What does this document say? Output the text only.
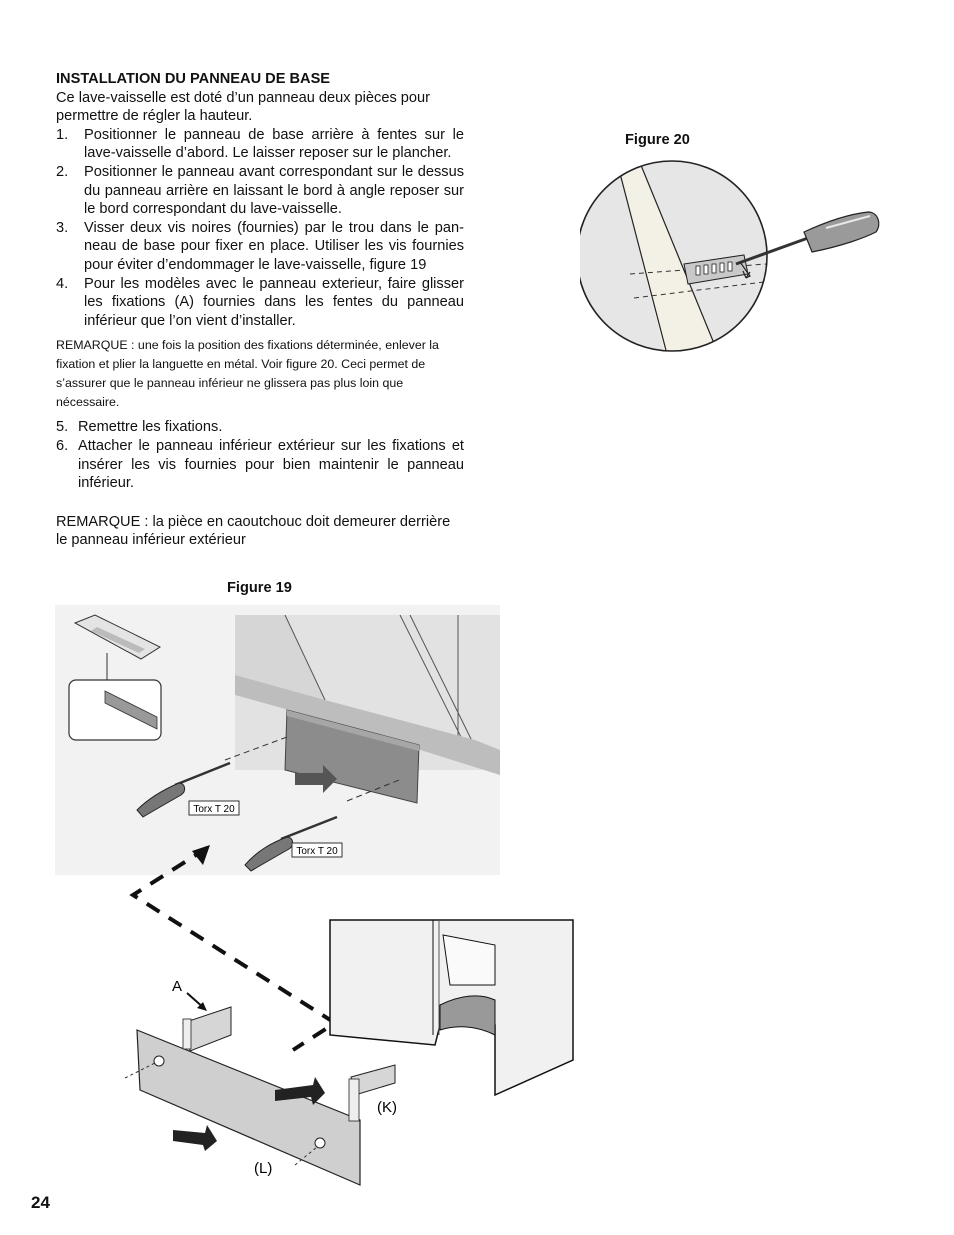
INSTALLATION DU PANNEAU DE BASE

Ce lave-vaisselle est doté d’un panneau deux pièces pour permettre de régler la hauteur.

1. Positionner le panneau de base arrière à fentes sur le lave-vaisselle d’abord. Le laisser reposer sur le plancher.
2. Positionner le panneau avant correspondant sur le dessus du panneau arrière en laissant le bord à angle reposer sur le bord correspondant du lave-vaisselle.
3. Visser deux vis noires (fournies) par le trou dans le pan-neau de base pour fixer en place. Utiliser les vis fournies pour éviter d’endommager le lave-vaisselle, figure 19
4. Pour les modèles avec le panneau exterieur, faire glisser les fixations (A) fournies dans les fentes du panneau inférieur que l’on vient d’installer.

REMARQUE : une fois la position des fixations déterminée, enlever la fixation et plier la languette en métal. Voir figure 20. Ceci permet de s’assurer que le panneau inférieur ne glissera pas plus loin que nécessaire.

5. Remettre les fixations.
6. Attacher le panneau inférieur extérieur sur les fixations et insérer les vis fournies pour bien maintenir le panneau inférieur.

REMARQUE : la pièce en caoutchouc doit demeurer derrière le panneau inférieur extérieur

Figure 20
Figure 19
Torx T 20
Torx T 20
A
(K)
(L)
24
